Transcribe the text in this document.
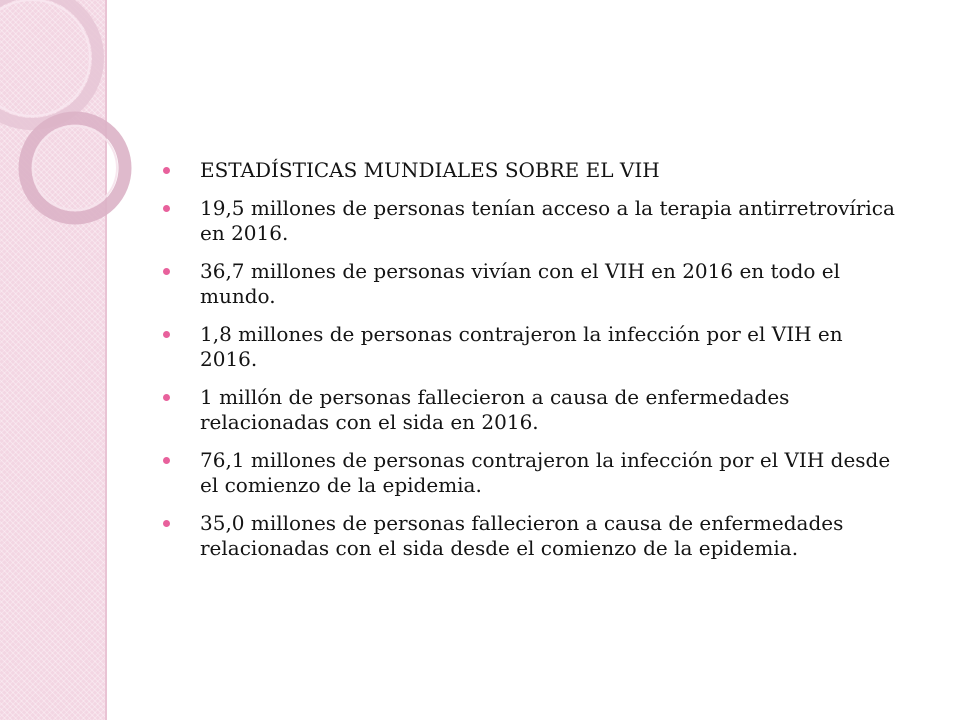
ESTADÍSTICAS MUNDIALES SOBRE EL VIH
19,5 millones de personas tenían acceso a la terapia antirretrovírica en 2016.
36,7 millones de personas vivían con el VIH en 2016 en todo el mundo.
1,8 millones de personas contrajeron la infección por el VIH en 2016.
1 millón de personas fallecieron a causa de enfermedades relacionadas con el sida en 2016.
76,1 millones de personas contrajeron la infección por el VIH desde el comienzo de la epidemia.
35,0 millones de personas fallecieron a causa de enfermedades relacionadas con el sida desde el comienzo de la epidemia.
